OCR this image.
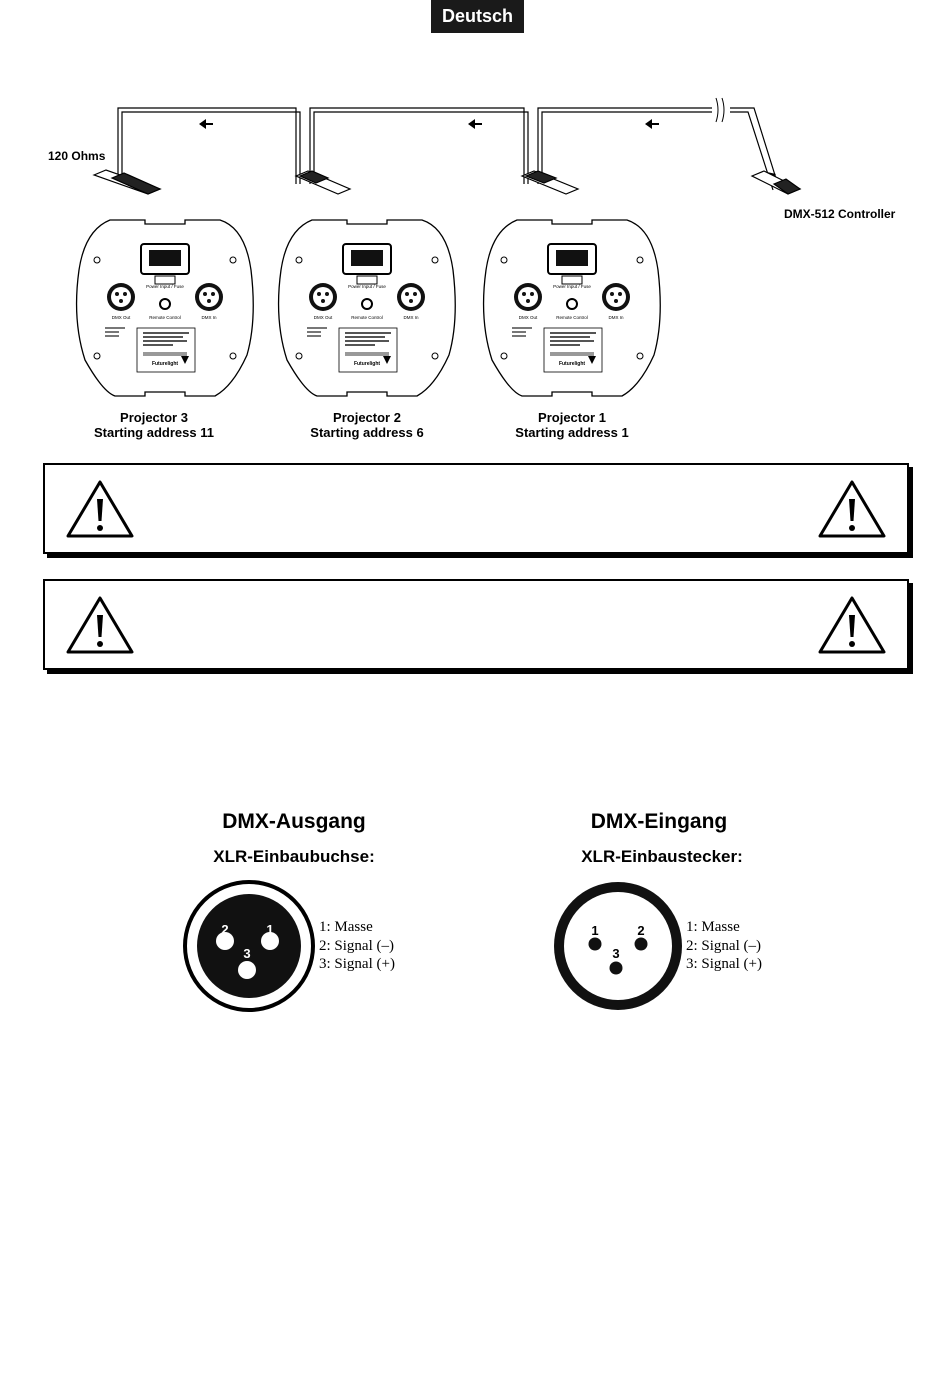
Deutsch
120 Ohms
DMX-512 Controller
Power Input / Fuse
DMX Out	DMX In
Remote Control
Futurelight
Power Input / Fuse
DMX Out	DMX In
Remote Control
Futurelight
Power Input / Fuse
DMX Out	DMX In
Remote Control
Futurelight
Projector 3
Starting address 11
Projector 2
Starting address 6
Projector 1
Starting address 1
DMX-Ausgang
XLR-Einbaubuchse:
2	1
3
1: Masse
2: Signal (–)
3: Signal (+)
DMX-Eingang
XLR-Einbaustecker:
1	2
3
1: Masse
2: Signal (–)
3: Signal (+)
